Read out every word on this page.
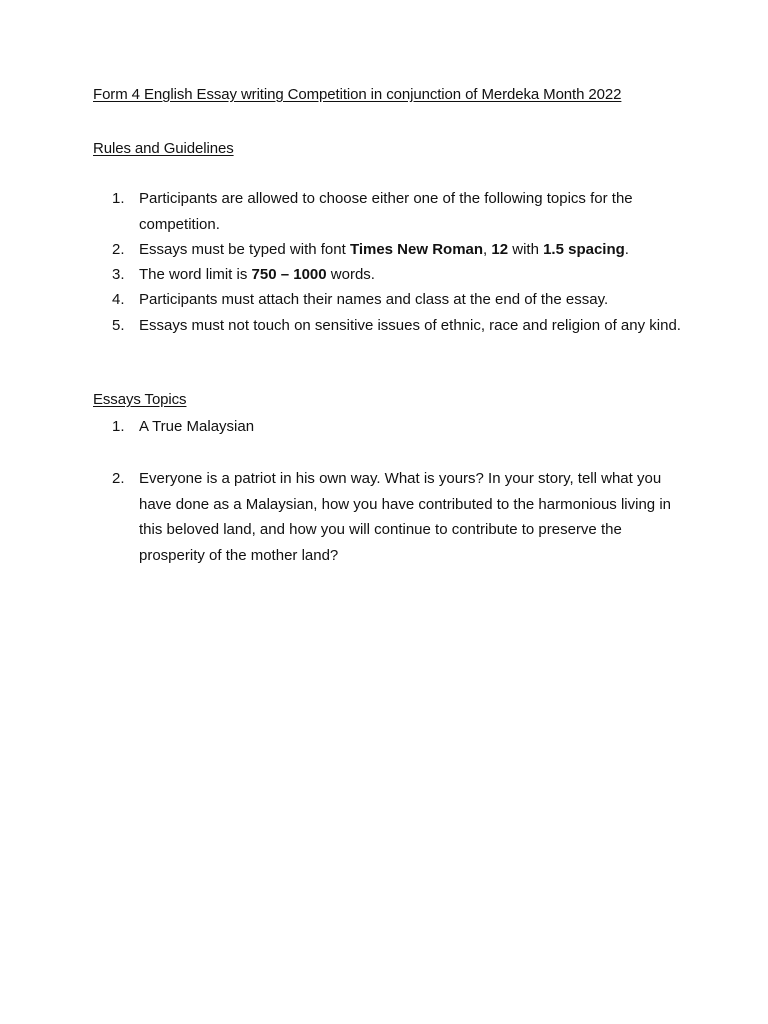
Form 4 English Essay writing Competition in conjunction of Merdeka Month 2022
Rules and Guidelines
1. Participants are allowed to choose either one of the following topics for the competition.
2. Essays must be typed with font Times New Roman, 12 with 1.5 spacing.
3. The word limit is 750 – 1000 words.
4. Participants must attach their names and class at the end of the essay.
5. Essays must not touch on sensitive issues of ethnic, race and religion of any kind.
Essays Topics
1. A True Malaysian
2. Everyone is a patriot in his own way. What is yours? In your story, tell what you have done as a Malaysian, how you have contributed to the harmonious living in this beloved land, and how you will continue to contribute to preserve the prosperity of the mother land?
